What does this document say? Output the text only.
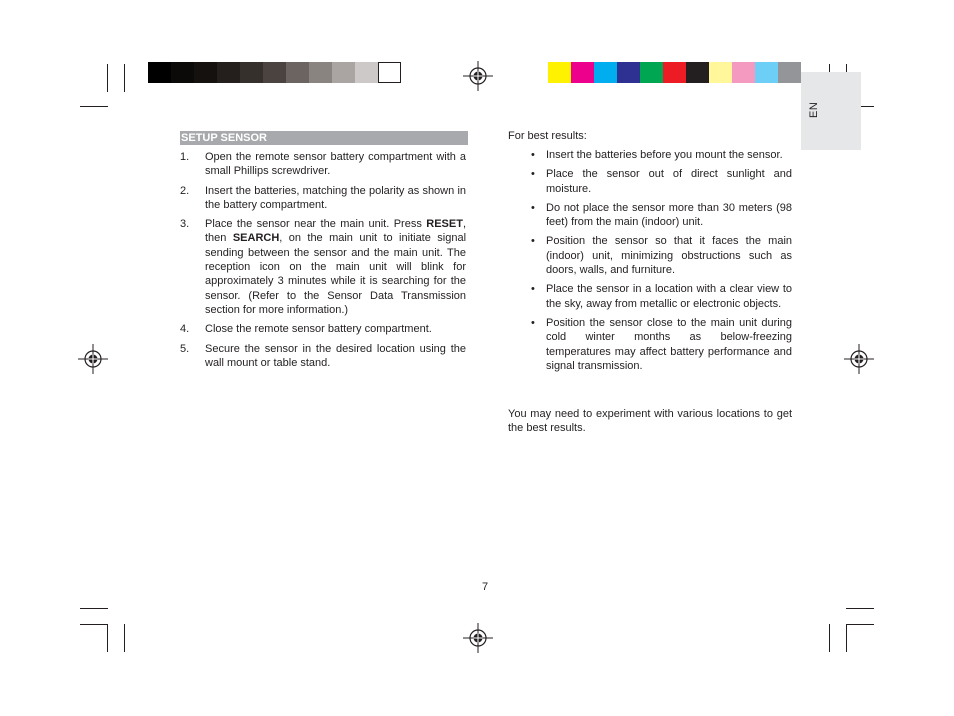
EN
SETUP SENSOR
1. Open the remote sensor battery compartment with a small Phillips screwdriver.
2. Insert the batteries, matching the polarity as shown in the battery compartment.
3. Place the sensor near the main unit. Press RESET, then SEARCH, on the main unit to initiate signal sending between the sensor and the main unit. The reception icon on the main unit will blink for approximately 3 minutes while it is searching for the sensor. (Refer to the Sensor Data Transmission section for more information.)
4. Close the remote sensor battery compartment.
5. Secure the sensor in the desired location using the wall mount or table stand.
For best results:
• Insert the batteries before you mount the sensor.
• Place the sensor out of direct sunlight and moisture.
• Do not place the sensor more than 30 meters (98 feet) from the main (indoor) unit.
• Position the sensor so that it faces the main (indoor) unit, minimizing obstructions such as doors, walls, and furniture.
• Place the sensor in a location with a clear view to the sky, away from metallic or electronic objects.
• Position the sensor close to the main unit during cold winter months as below-freezing temperatures may affect battery performance and signal transmission.
You may need to experiment with various locations to get the best results.
7
